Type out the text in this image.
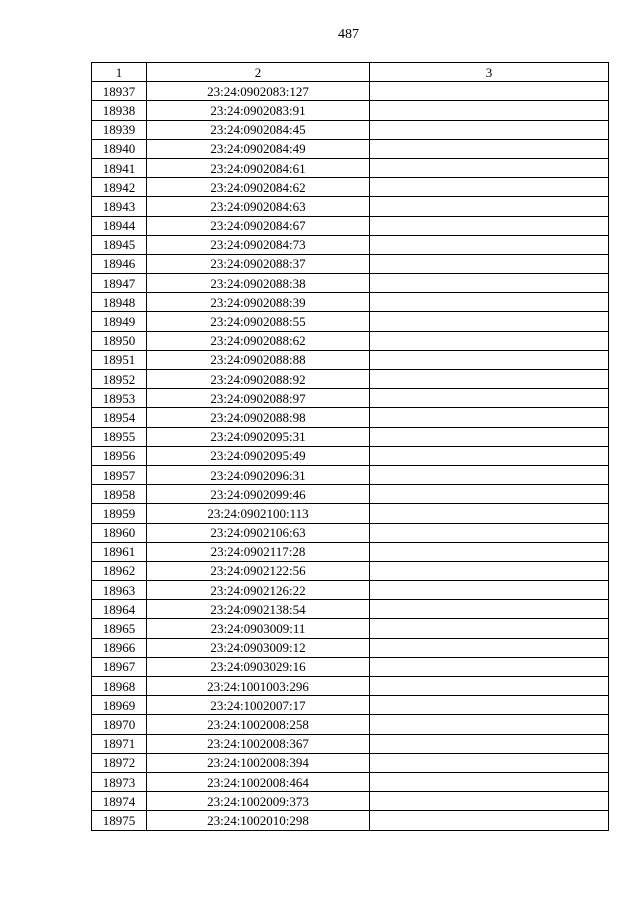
487
1	2	3
18937	23:24:0902083:127	
18938	23:24:0902083:91	
18939	23:24:0902084:45	
18940	23:24:0902084:49	
18941	23:24:0902084:61	
18942	23:24:0902084:62	
18943	23:24:0902084:63	
18944	23:24:0902084:67	
18945	23:24:0902084:73	
18946	23:24:0902088:37	
18947	23:24:0902088:38	
18948	23:24:0902088:39	
18949	23:24:0902088:55	
18950	23:24:0902088:62	
18951	23:24:0902088:88	
18952	23:24:0902088:92	
18953	23:24:0902088:97	
18954	23:24:0902088:98	
18955	23:24:0902095:31	
18956	23:24:0902095:49	
18957	23:24:0902096:31	
18958	23:24:0902099:46	
18959	23:24:0902100:113	
18960	23:24:0902106:63	
18961	23:24:0902117:28	
18962	23:24:0902122:56	
18963	23:24:0902126:22	
18964	23:24:0902138:54	
18965	23:24:0903009:11	
18966	23:24:0903009:12	
18967	23:24:0903029:16	
18968	23:24:1001003:296	
18969	23:24:1002007:17	
18970	23:24:1002008:258	
18971	23:24:1002008:367	
18972	23:24:1002008:394	
18973	23:24:1002008:464	
18974	23:24:1002009:373	
18975	23:24:1002010:298	
